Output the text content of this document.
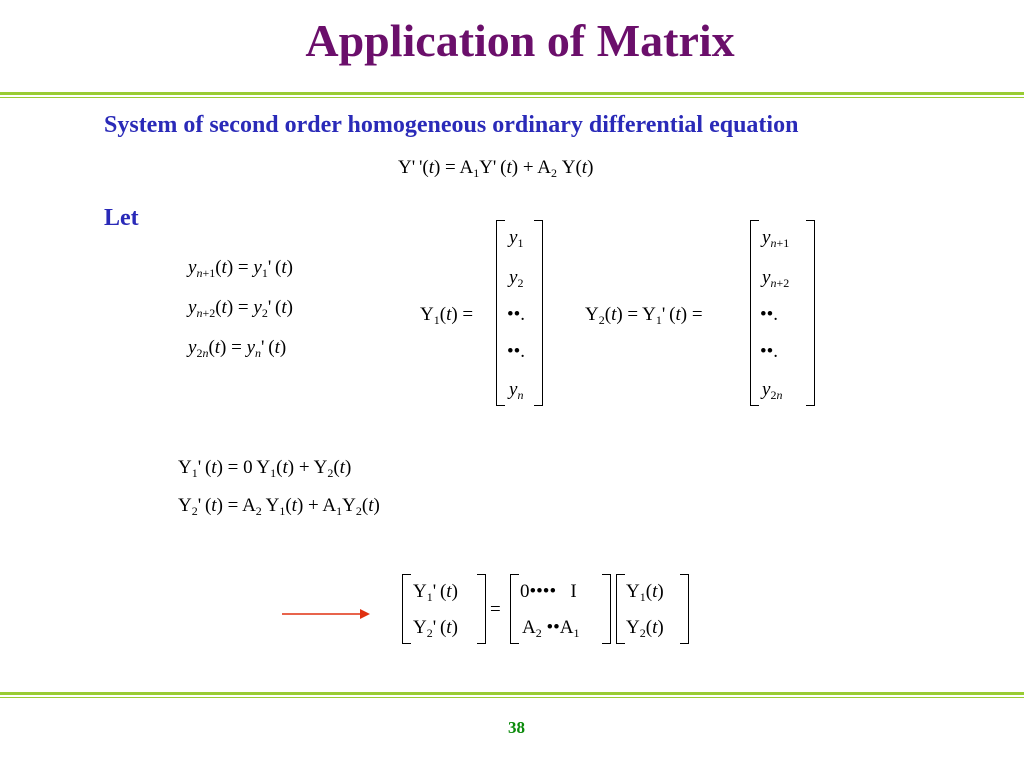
Application of Matrix
System of second order homogeneous ordinary differential equation
Y' '$(t) = A_1Y$' $(t) + A_2$ Y(t)
Let
$y_{n+1}(t) = y_1'$ (t)
$y_{n+2}(t) = y_2'$ (t)
$y_{2n}(t) = y_n'$ (t)
$Y_1(t)$ =
$y_1$
$y_2$
••.
••.
$y_n$
$Y_2(t) = Y_1'$ (t) =
$y_{n+1}$
$y_{n+2}$
••.
••.
$y_{2n}$
$Y_1'$ (t) = 0 $Y_1(t) + Y_2(t)$
$Y_2'$ $(t) = A_2$ $Y_1(t) + A_1Y_2(t)$
$Y_1'$ (t)
$Y_2'$ (t)
=
0••••   I
$A_2$ $••A_1$
$Y_1(t)$
$Y_2(t)$
38
